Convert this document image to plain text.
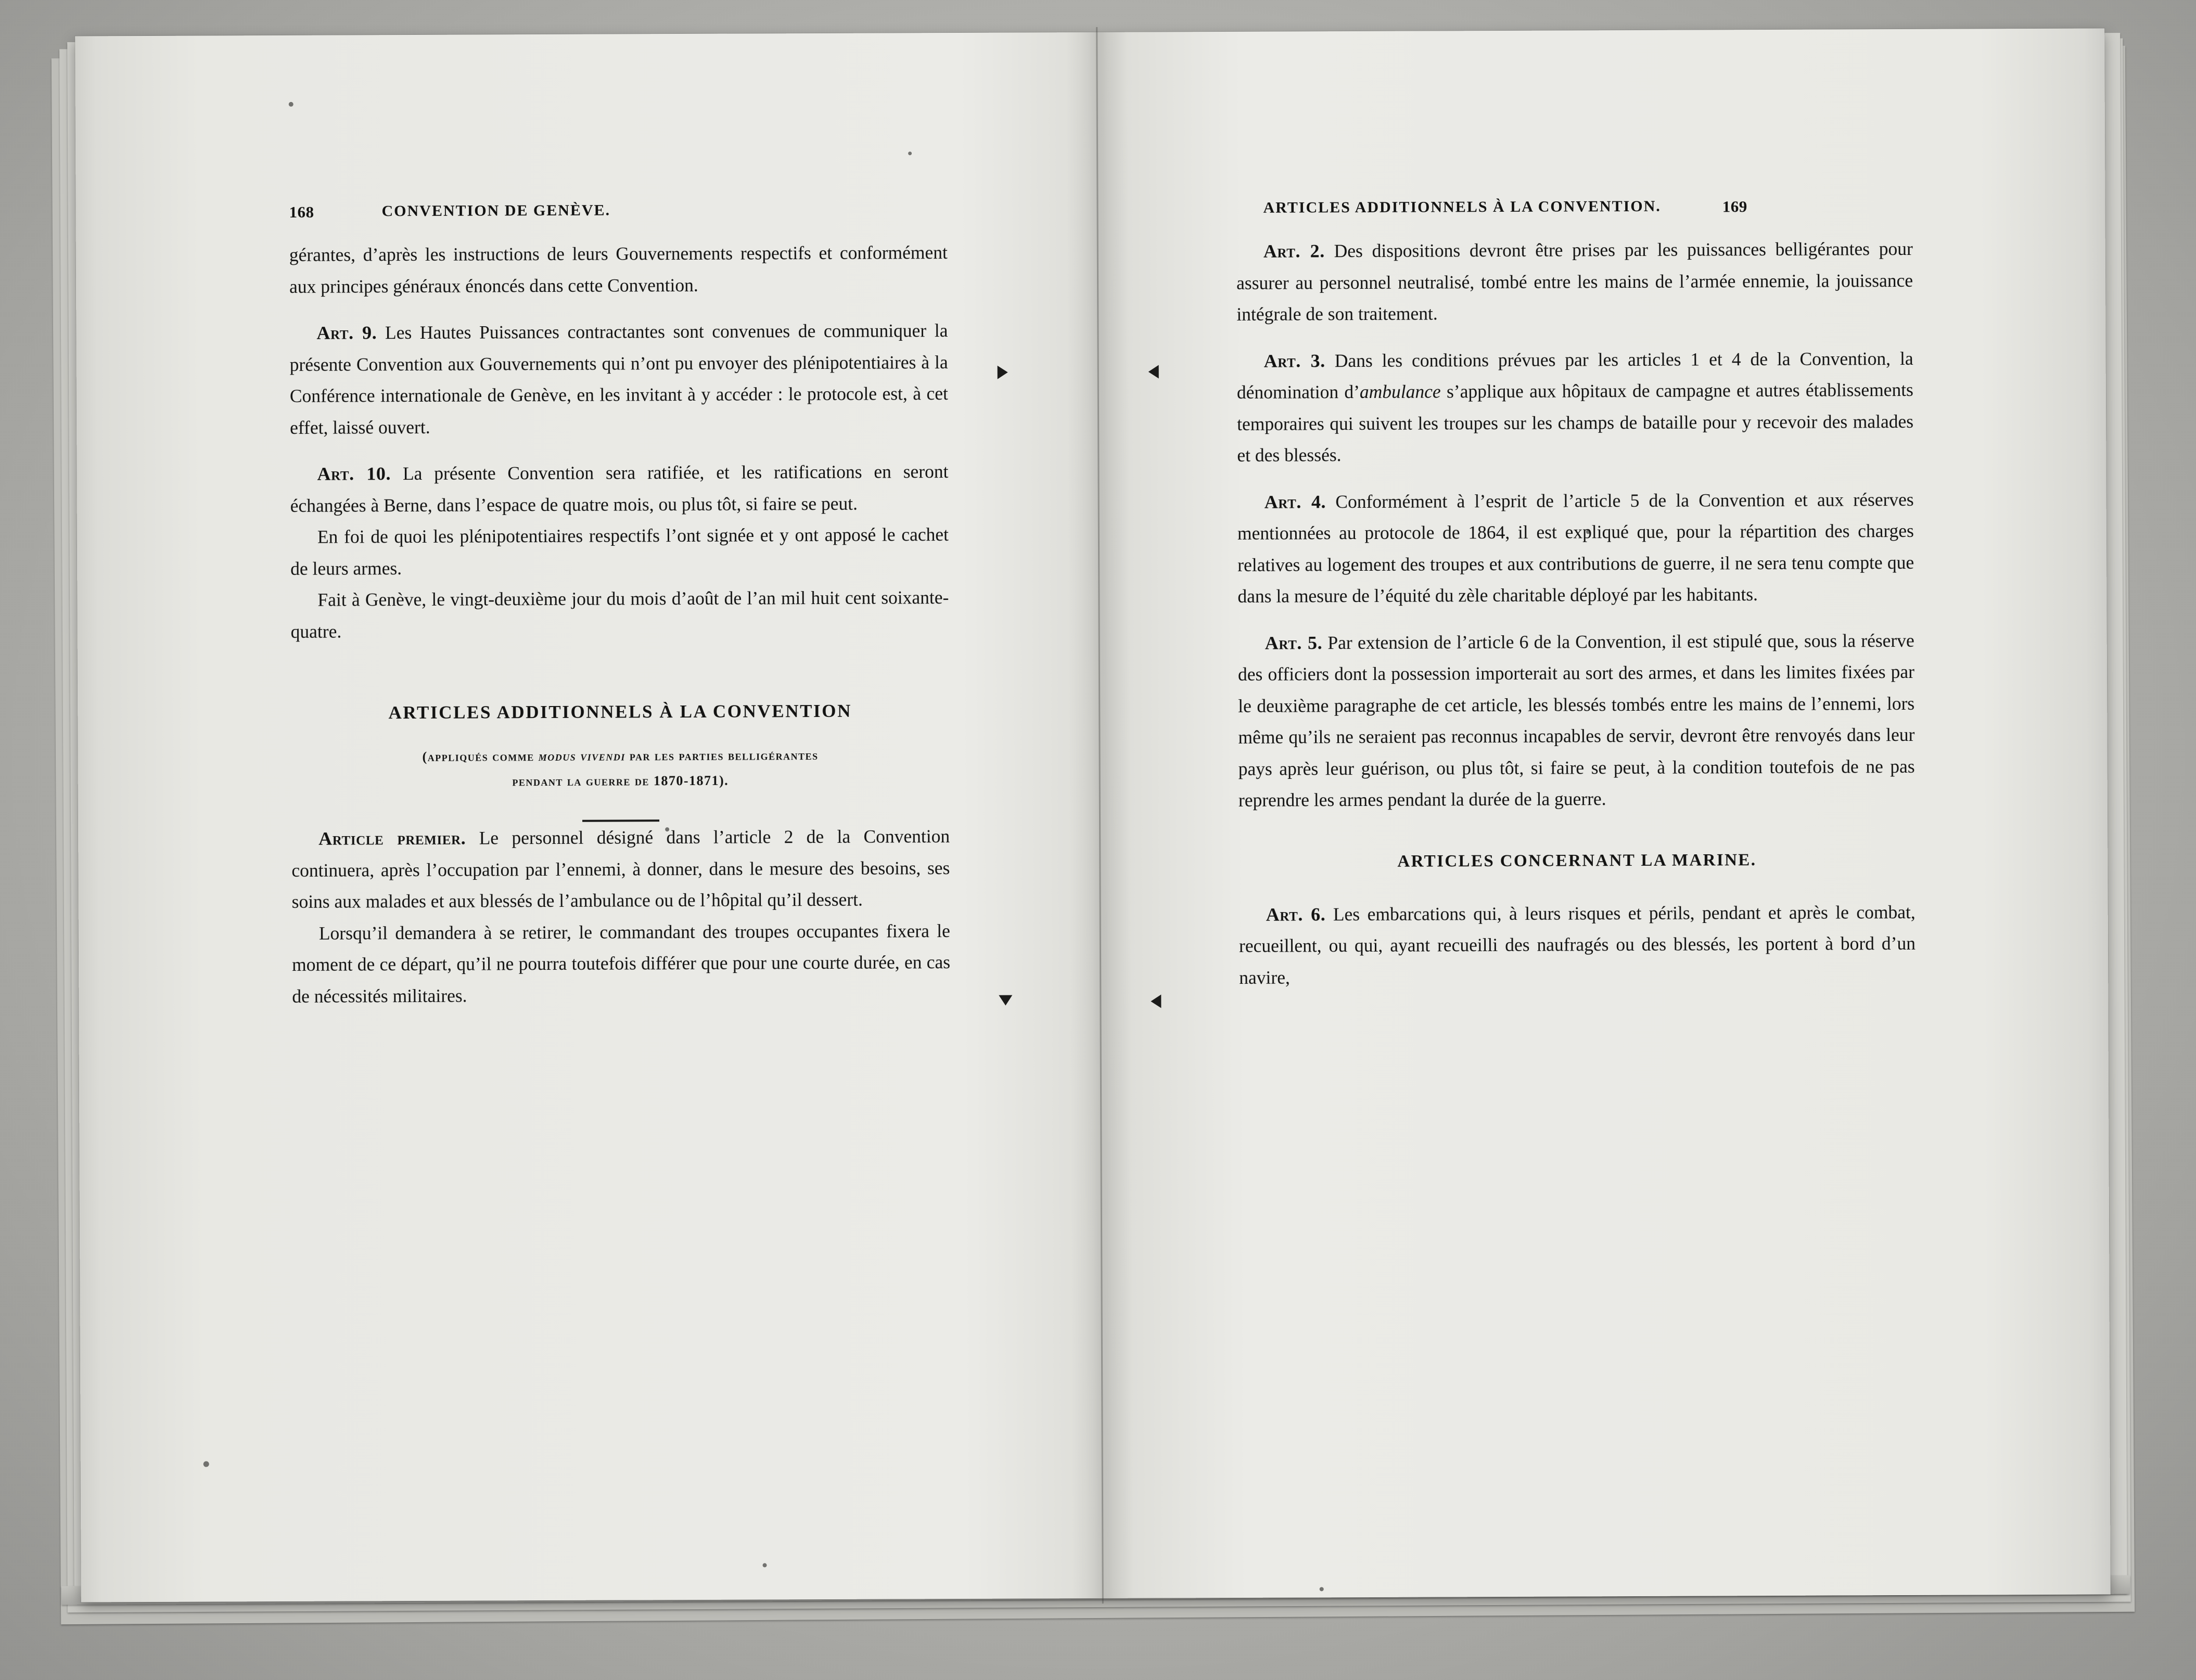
168	CONVENTION DE GENÈVE.

gérantes, d’après les instructions de leurs Gouvernements respectifs et conformément aux principes généraux énoncés dans cette Convention.

Art. 9. Les Hautes Puissances contractantes sont convenues de communiquer la présente Convention aux Gouvernements qui n’ont pu envoyer des plénipotentiaires à la Conférence internationale de Genève, en les invitant à y accéder : le protocole est, à cet effet, laissé ouvert.

Art. 10. La présente Convention sera ratifiée, et les ratifications en seront échangées à Berne, dans l’espace de quatre mois, ou plus tôt, si faire se peut.

En foi de quoi les plénipotentiaires respectifs l’ont signée et y ont apposé le cachet de leurs armes.

Fait à Genève, le vingt-deuxième jour du mois d’août de l’an mil huit cent soixante-quatre.

ARTICLES ADDITIONNELS À LA CONVENTION
(appliqués comme modus vivendi par les parties belligérantes
pendant la guerre de 1870-1871).

Article premier. Le personnel désigné dans l’article 2 de la Convention continuera, après l’occupation par l’ennemi, à donner, dans le mesure des besoins, ses soins aux malades et aux blessés de l’ambulance ou de l’hôpital qu’il dessert.

Lorsqu’il demandera à se retirer, le commandant des troupes occupantes fixera le moment de ce départ, qu’il ne pourra toutefois différer que pour une courte durée, en cas de nécessités militaires.

ARTICLES ADDITIONNELS À LA CONVENTION.	169

Art. 2. Des dispositions devront être prises par les puissances belligérantes pour assurer au personnel neutralisé, tombé entre les mains de l’armée ennemie, la jouissance intégrale de son traitement.

Art. 3. Dans les conditions prévues par les articles 1 et 4 de la Convention, la dénomination d’ambulance s’applique aux hôpitaux de campagne et autres établissements temporaires qui suivent les troupes sur les champs de bataille pour y recevoir des malades et des blessés.

Art. 4. Conformément à l’esprit de l’article 5 de la Convention et aux réserves mentionnées au protocole de 1864, il est expliqué que, pour la répartition des charges relatives au logement des troupes et aux contributions de guerre, il ne sera tenu compte que dans la mesure de l’équité du zèle charitable déployé par les habitants.

Art. 5. Par extension de l’article 6 de la Convention, il est stipulé que, sous la réserve des officiers dont la possession importerait au sort des armes, et dans les limites fixées par le deuxième paragraphe de cet article, les blessés tombés entre les mains de l’ennemi, lors même qu’ils ne seraient pas reconnus incapables de servir, devront être renvoyés dans leur pays après leur guérison, ou plus tôt, si faire se peut, à la condition toutefois de ne pas reprendre les armes pendant la durée de la guerre.

ARTICLES CONCERNANT LA MARINE.

Art. 6. Les embarcations qui, à leurs risques et périls, pendant et après le combat, recueillent, ou qui, ayant recueilli des naufragés ou des blessés, les portent à bord d’un navire,
